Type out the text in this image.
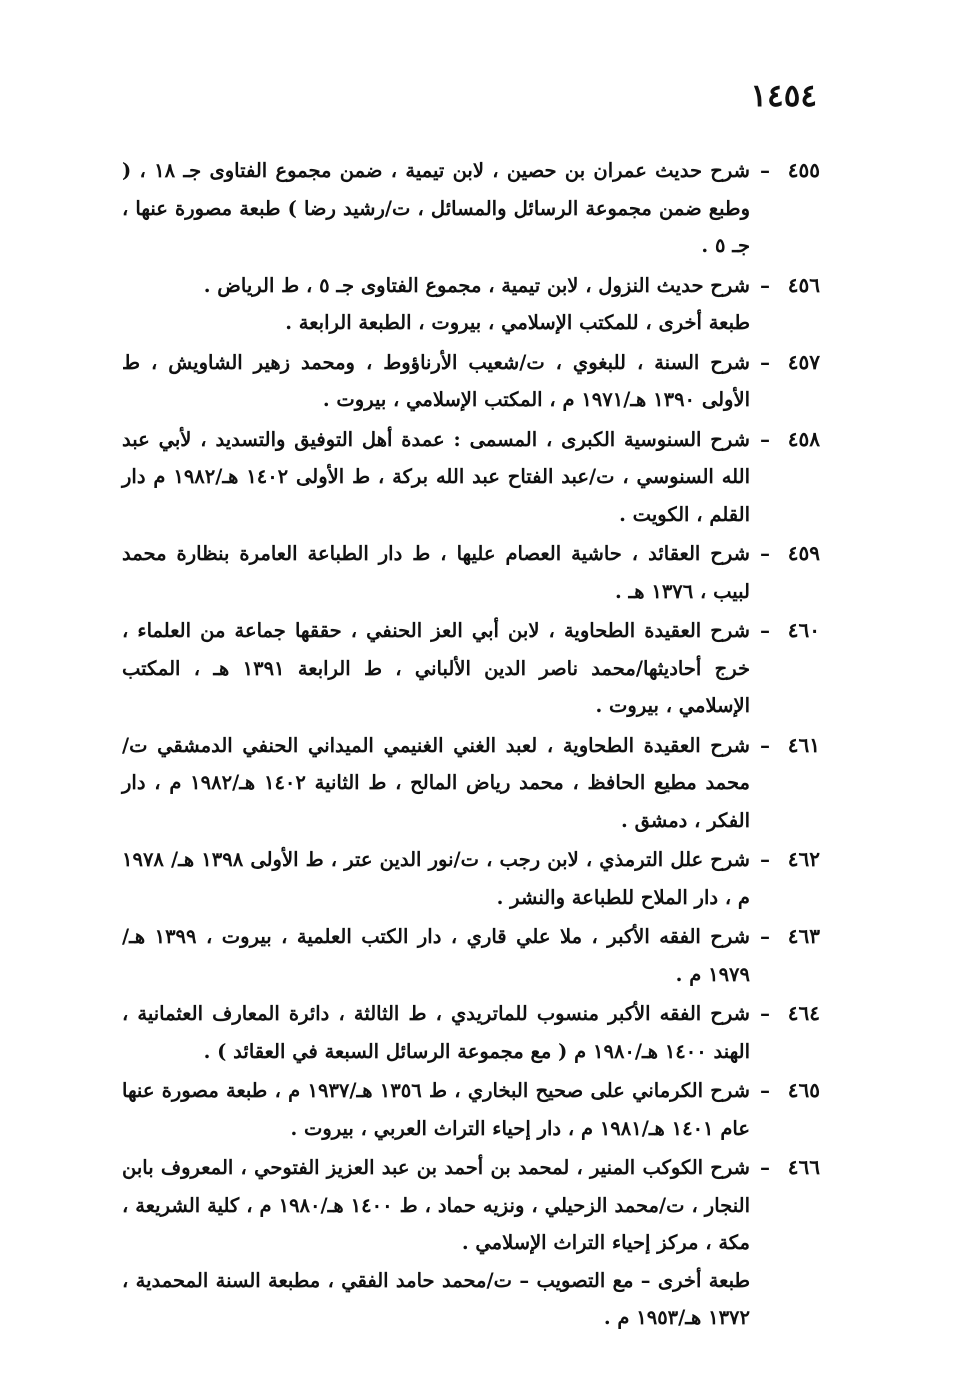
١٤٥٤
٤٥٥
–
شرح حديث عمران بن حصين ، لابن تيمية ، ضمن مجموع الفتاوى جـ ١٨ ، ( وطبع ضمن مجموعة الرسائل والمسائل ، ت/رشيد رضا ) طبعة مصورة عنها ، جـ ٥ .
٤٥٦
–
شرح حديث النزول ، لابن تيمية ، مجموع الفتاوى جـ ٥ ، ط الرياض .
طبعة أخرى ، للمكتب الإسلامي ، بيروت ، الطبعة الرابعة .
٤٥٧
–
شرح السنة ، للبغوي ، ت/شعيب الأرناؤوط ، ومحمد زهير الشاويش ، ط الأولى ١٣٩٠ هـ/١٩٧١ م ، المكتب الإسلامي ، بيروت .
٤٥٨
–
شرح السنوسية الكبرى ، المسمى : عمدة أهل التوفيق والتسديد ، لأبي عبد الله السنوسي ، ت/عبد الفتاح عبد الله بركة ، ط الأولى ١٤٠٢ هـ/١٩٨٢ م دار القلم ، الكويت .
٤٥٩
–
شرح العقائد ، حاشية العصام عليها ، ط دار الطباعة العامرة بنظارة محمد لبيب ، ١٣٧٦ هـ .
٤٦٠
–
شرح العقيدة الطحاوية ، لابن أبي العز الحنفي ، حققها جماعة من العلماء ، خرج أحاديثها/محمد ناصر الدين الألباني ، ط الرابعة ١٣٩١ هـ ، المكتب الإسلامي ، بيروت .
٤٦١
–
شرح العقيدة الطحاوية ، لعبد الغني الغنيمي الميداني الحنفي الدمشقي ت/محمد مطيع الحافظ ، محمد رياض المالح ، ط الثانية ١٤٠٢ هـ/١٩٨٢ م ، دار الفكر ، دمشق .
٤٦٢
–
شرح علل الترمذي ، لابن رجب ، ت/نور الدين عتر ، ط الأولى ١٣٩٨ هـ/ ١٩٧٨ م ، دار الملاح للطباعة والنشر .
٤٦٣
–
شرح الفقه الأكبر ، ملا علي قاري ، دار الكتب العلمية ، بيروت ، ١٣٩٩ هـ/ ١٩٧٩ م .
٤٦٤
–
شرح الفقه الأكبر منسوب للماتريدي ، ط الثالثة ، دائرة المعارف العثمانية ، الهند ١٤٠٠ هـ/١٩٨٠ م ( مع مجموعة الرسائل السبعة في العقائد ) .
٤٦٥
–
شرح الكرماني على صحيح البخاري ، ط ١٣٥٦ هـ/١٩٣٧ م ، طبعة مصورة عنها عام ١٤٠١ هـ/١٩٨١ م ، دار إحياء التراث العربي ، بيروت .
٤٦٦
–
شرح الكوكب المنير ، لمحمد بن أحمد بن عبد العزيز الفتوحي ، المعروف بابن النجار ، ت/محمد الزحيلي ، ونزيه حماد ، ط ١٤٠٠ هـ/١٩٨٠ م ، كلية الشريعة ، مكة ، مركز إحياء التراث الإسلامي .
طبعة أخرى – مع التصويب – ت/محمد حامد الفقي ، مطبعة السنة المحمدية ، ١٣٧٢ هـ/١٩٥٣ م .
